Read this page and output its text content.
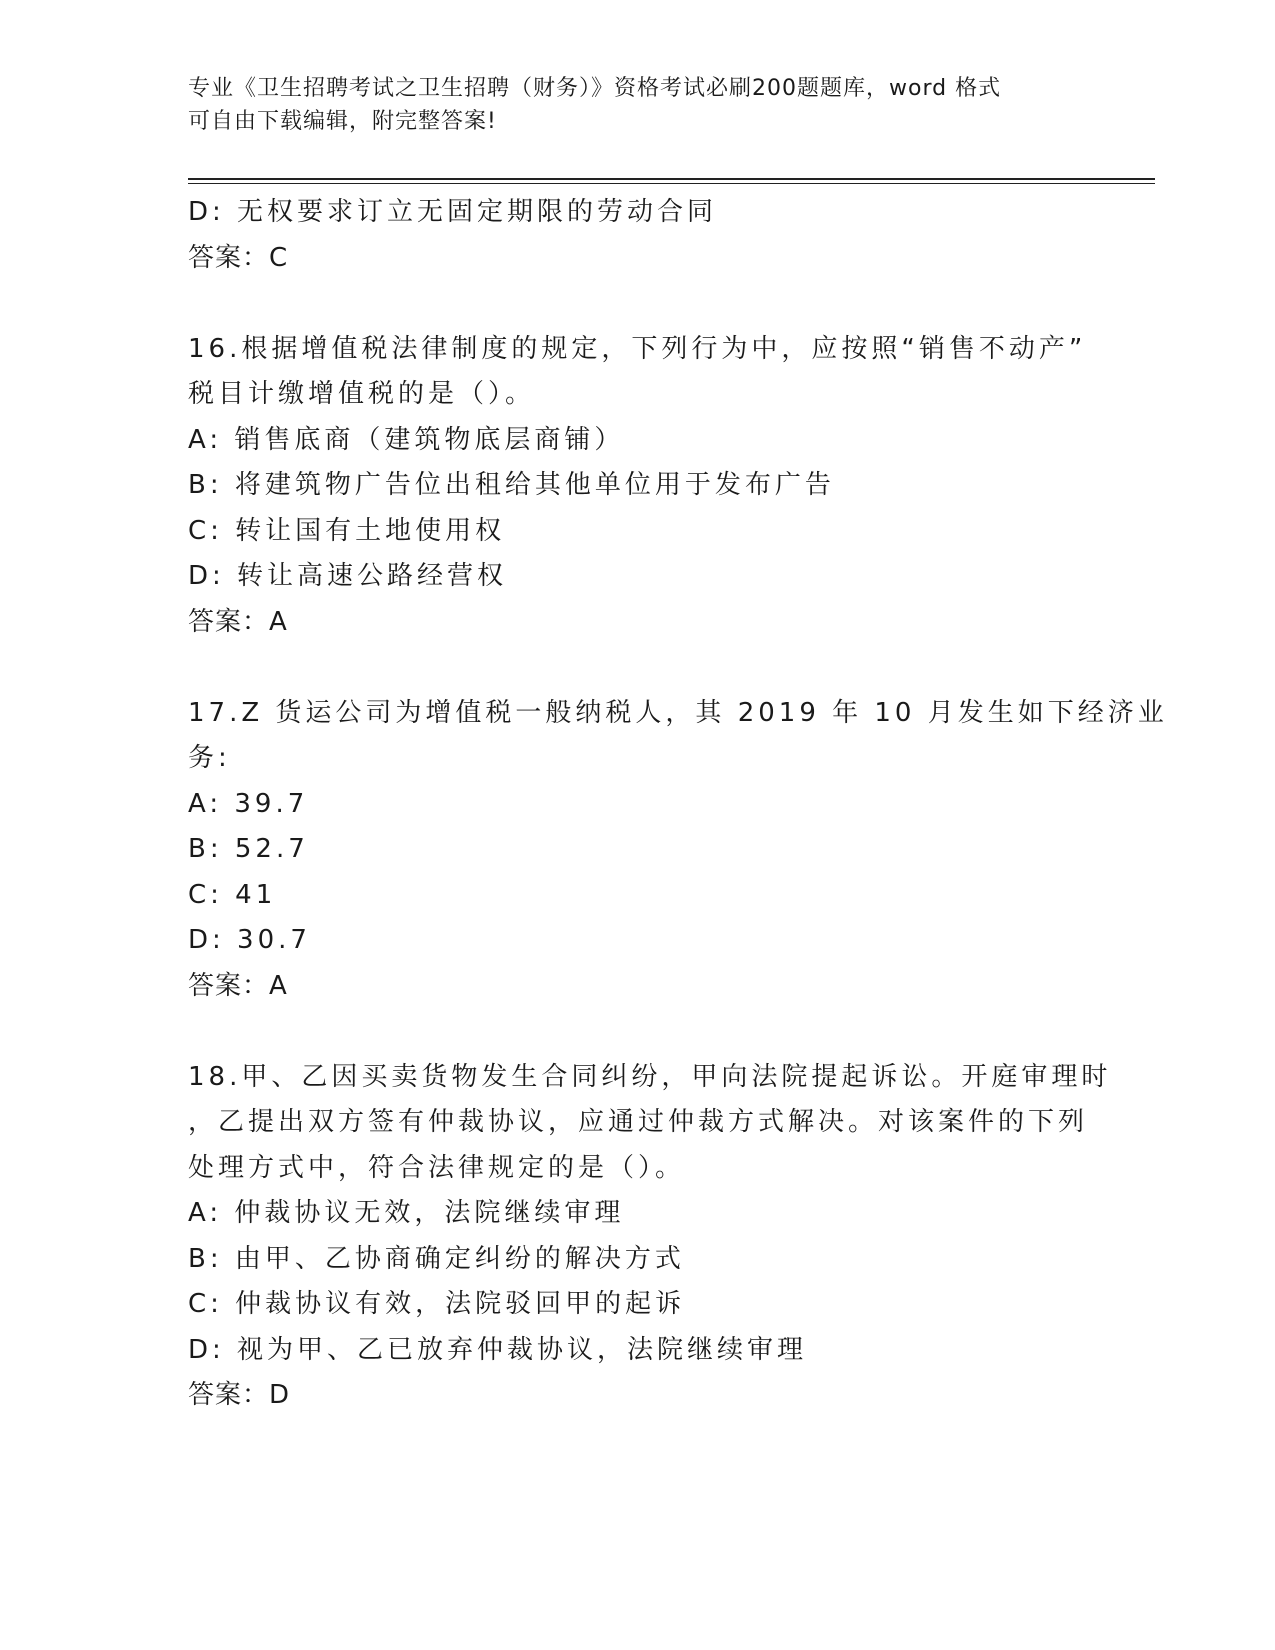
专业《卫生招聘考试之卫生招聘（财务）》资格考试必刷200题题库，word 格式
可自由下载编辑，附完整答案!
D: 无权要求订立无固定期限的劳动合同
答案：C
16.根据增值税法律制度的规定，下列行为中，应按照“销售不动产”
税目计缴增值税的是（）。
A: 销售底商（建筑物底层商铺）
B: 将建筑物广告位出租给其他单位用于发布广告
C: 转让国有土地使用权
D: 转让高速公路经营权
答案：A
17.Z 货运公司为增值税一般纳税人，其 2019 年 10 月发生如下经济业
务:
A: 39.7
B: 52.7
C: 41
D: 30.7
答案：A
18.甲、乙因买卖货物发生合同纠纷，甲向法院提起诉讼。开庭审理时
，乙提出双方签有仲裁协议，应通过仲裁方式解决。对该案件的下列
处理方式中，符合法律规定的是（）。
A: 仲裁协议无效，法院继续审理
B: 由甲、乙协商确定纠纷的解决方式
C: 仲裁协议有效，法院驳回甲的起诉
D: 视为甲、乙已放弃仲裁协议，法院继续审理
答案：D
